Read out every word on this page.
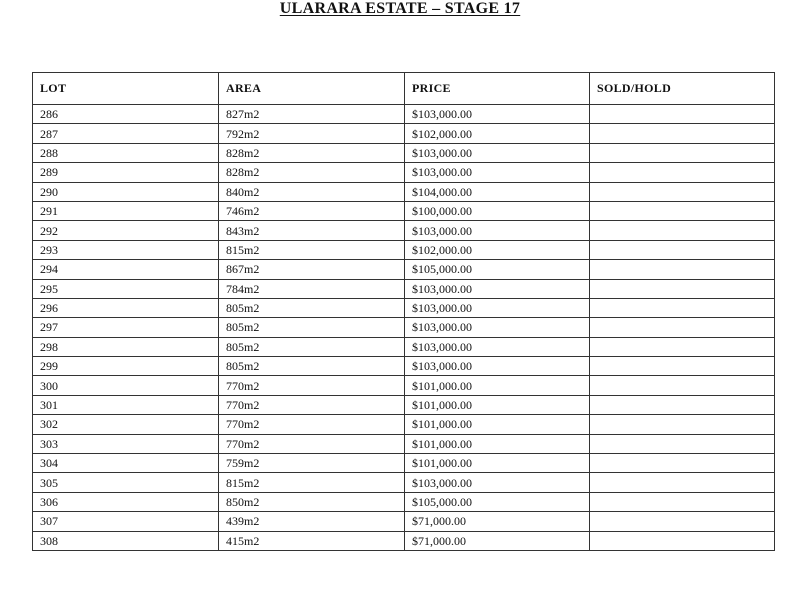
ULARARA ESTATE – STAGE 17
LOT	AREA	PRICE	SOLD/HOLD
286	827m2	$103,000.00	
287	792m2	$102,000.00	
288	828m2	$103,000.00	
289	828m2	$103,000.00	
290	840m2	$104,000.00	
291	746m2	$100,000.00	
292	843m2	$103,000.00	
293	815m2	$102,000.00	
294	867m2	$105,000.00	
295	784m2	$103,000.00	
296	805m2	$103,000.00	
297	805m2	$103,000.00	
298	805m2	$103,000.00	
299	805m2	$103,000.00	
300	770m2	$101,000.00	
301	770m2	$101,000.00	
302	770m2	$101,000.00	
303	770m2	$101,000.00	
304	759m2	$101,000.00	
305	815m2	$103,000.00	
306	850m2	$105,000.00	
307	439m2	$71,000.00	
308	415m2	$71,000.00	
